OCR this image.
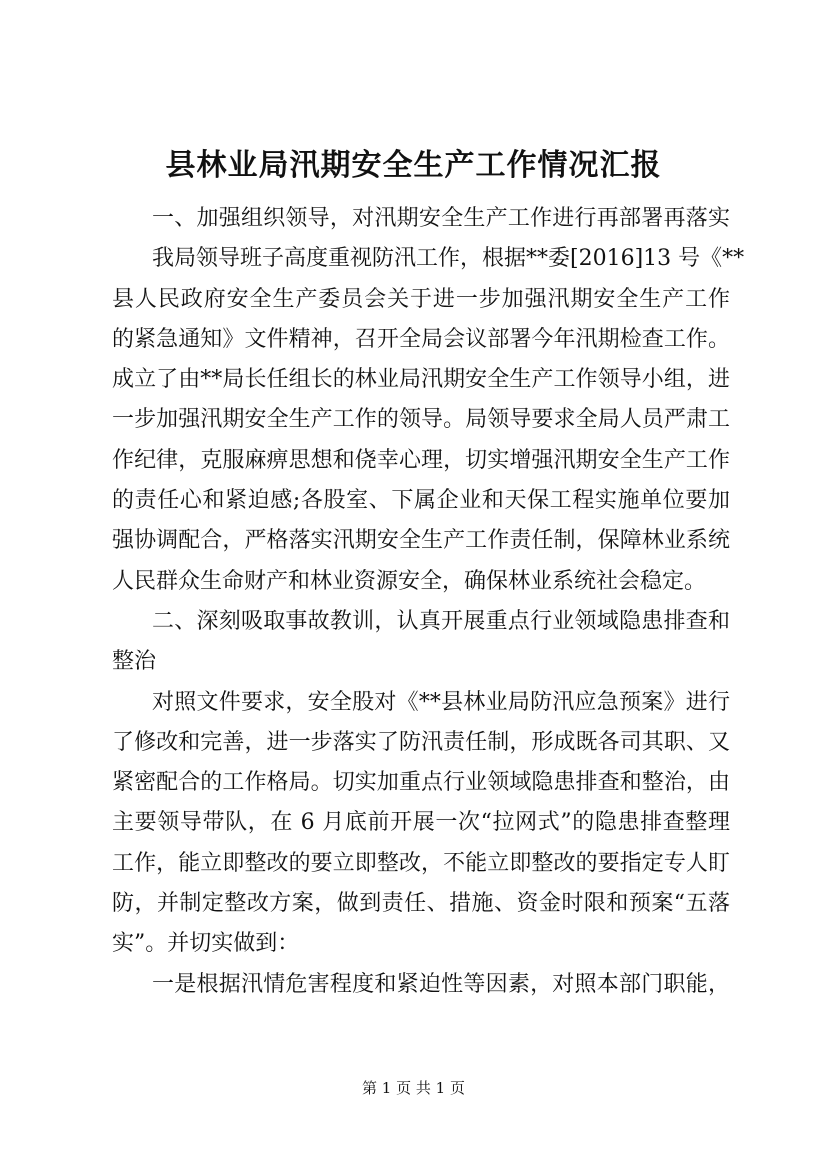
县林业局汛期安全生产工作情况汇报
一、加强组织领导，对汛期安全生产工作进行再部署再落实
我局领导班子高度重视防汛工作，根据**委[2016]13 号《**
县人民政府安全生产委员会关于进一步加强汛期安全生产工作
的紧急通知》文件精神，召开全局会议部署今年汛期检查工作。
成立了由**局长任组长的林业局汛期安全生产工作领导小组，进
一步加强汛期安全生产工作的领导。局领导要求全局人员严肃工
作纪律，克服麻痹思想和侥幸心理，切实增强汛期安全生产工作
的责任心和紧迫感;各股室、下属企业和天保工程实施单位要加
强协调配合，严格落实汛期安全生产工作责任制，保障林业系统
人民群众生命财产和林业资源安全，确保林业系统社会稳定。
二、深刻吸取事故教训，认真开展重点行业领域隐患排查和
整治
对照文件要求，安全股对《**县林业局防汛应急预案》进行
了修改和完善，进一步落实了防汛责任制，形成既各司其职、又
紧密配合的工作格局。切实加重点行业领域隐患排查和整治，由
主要领导带队，在 6 月底前开展一次“拉网式”的隐患排查整理
工作，能立即整改的要立即整改，不能立即整改的要指定专人盯
防，并制定整改方案，做到责任、措施、资金时限和预案“五落
实”。并切实做到：
一是根据汛情危害程度和紧迫性等因素，对照本部门职能，
第 1 页 共 1 页
